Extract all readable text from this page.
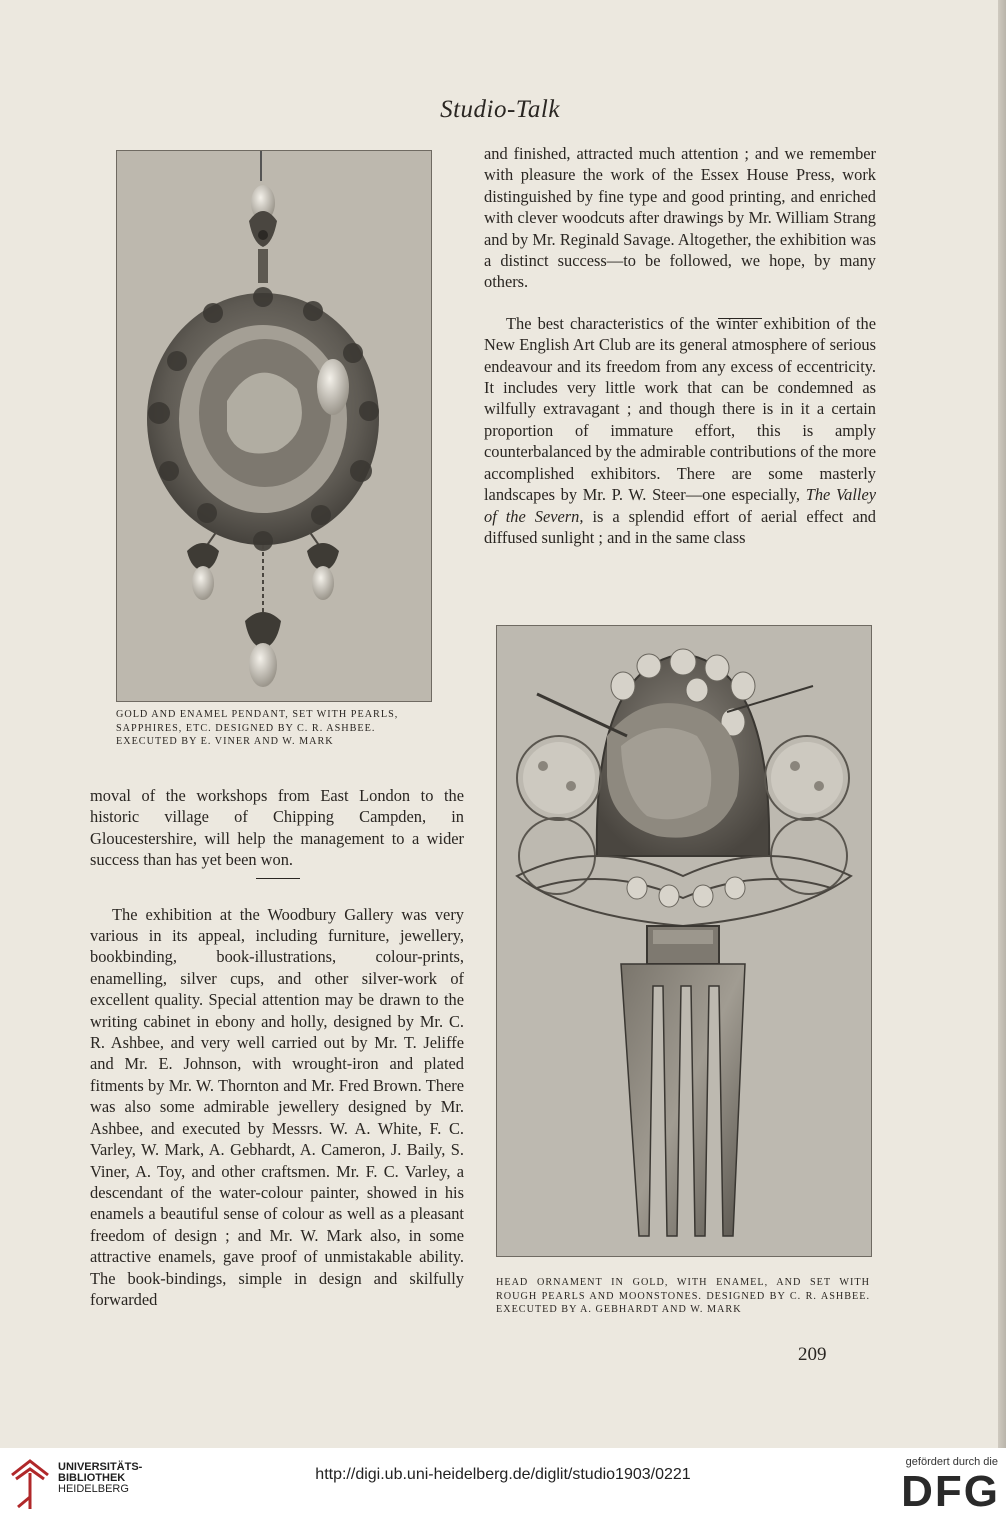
Studio-Talk

GOLD AND ENAMEL PENDANT, SET WITH PEARLS, SAPPHIRES, ETC. DESIGNED BY C. R. ASHBEE. EXECUTED BY E. VINER AND W. MARK

and finished, attracted much attention ; and we remember with pleasure the work of the Essex House Press, work distinguished by fine type and good printing, and enriched with clever woodcuts after drawings by Mr. William Strang and by Mr. Reginald Savage. Altogether, the exhibition was a distinct success—to be followed, we hope, by many others.

The best characteristics of the winter exhibition of the New English Art Club are its general atmosphere of serious endeavour and its freedom from any excess of eccentricity. It includes very little work that can be condemned as wilfully extravagant ; and though there is in it a certain proportion of immature effort, this is amply counterbalanced by the admirable contributions of the more accomplished exhibitors. There are some masterly landscapes by Mr. P. W. Steer—one especially, The Valley of the Severn, is a splendid effort of aerial effect and diffused sunlight ; and in the same class

HEAD ORNAMENT IN GOLD, WITH ENAMEL, AND SET WITH ROUGH PEARLS AND MOONSTONES. DESIGNED BY C. R. ASHBEE. EXECUTED BY A. GEBHARDT AND W. MARK

moval of the workshops from East London to the historic village of Chipping Campden, in Gloucestershire, will help the management to a wider success than has yet been won.

The exhibition at the Woodbury Gallery was very various in its appeal, including furniture, jewellery, bookbinding, book-illustrations, colour-prints, enamelling, silver cups, and other silver-work of excellent quality. Special attention may be drawn to the writing cabinet in ebony and holly, designed by Mr. C. R. Ashbee, and very well carried out by Mr. T. Jeliffe and Mr. E. Johnson, with wrought-iron and plated fitments by Mr. W. Thornton and Mr. Fred Brown. There was also some admirable jewellery designed by Mr. Ashbee, and executed by Messrs. W. A. White, F. C. Varley, W. Mark, A. Gebhardt, A. Cameron, J. Baily, S. Viner, A. Toy, and other craftsmen. Mr. F. C. Varley, a descendant of the water-colour painter, showed in his enamels a beautiful sense of colour as well as a pleasant freedom of design ; and Mr. W. Mark also, in some attractive enamels, gave proof of unmistakable ability. The book-bindings, simple in design and skilfully forwarded

209
UNIVERSITÄTS-
BIBLIOTHEK
HEIDELBERG
http://digi.ub.uni-heidelberg.de/diglit/studio1903/0221
gefördert durch die
DFG
